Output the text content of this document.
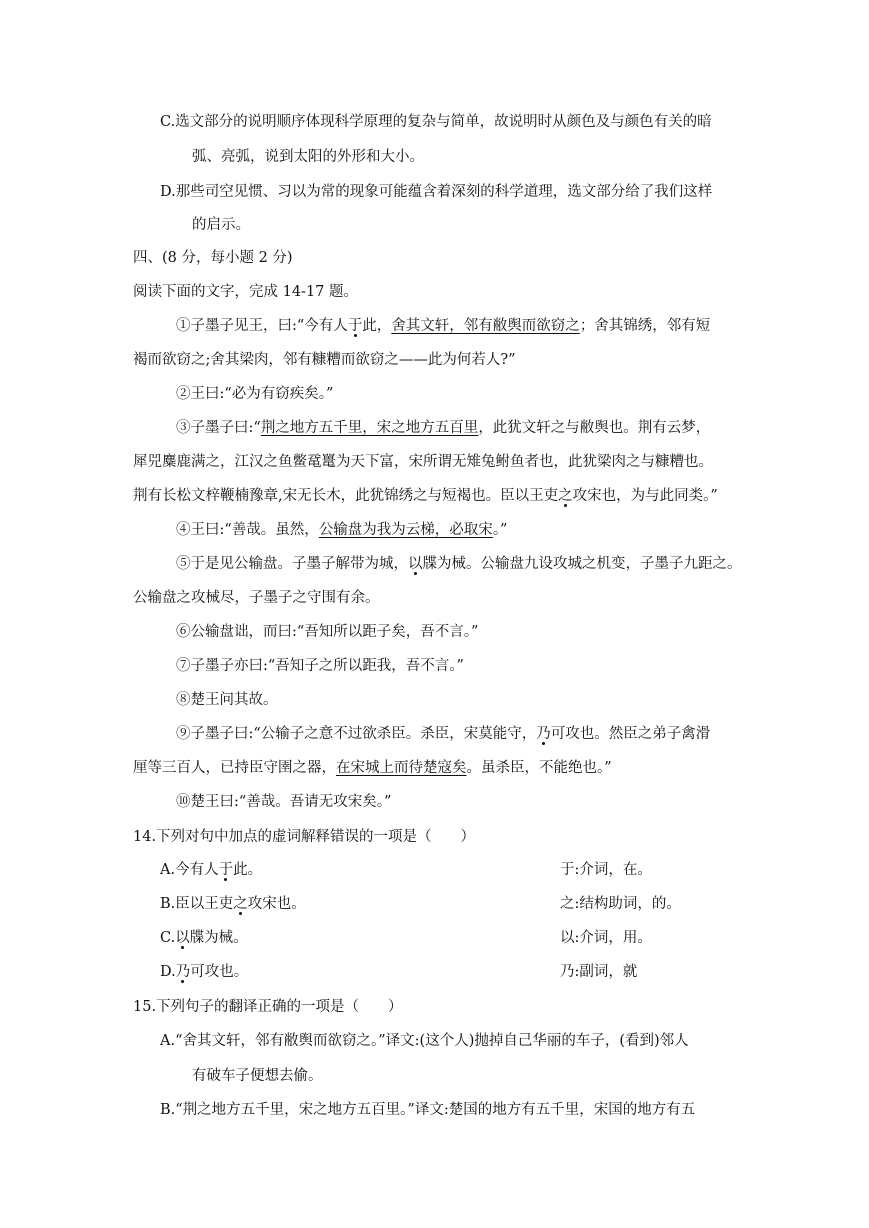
C.选文部分的说明顺序体现科学原理的复杂与简单，故说明时从颜色及与颜色有关的暗
弧、亮弧，说到太阳的外形和大小。
D.那些司空见惯、习以为常的现象可能蕴含着深刻的科学道理，选文部分给了我们这样
的启示。
四、(8 分，每小题 2 分)
阅读下面的文字，完成 14-17 题。
①子墨子见王，曰:“今有人于此，舍其文轩，邻有敝舆而欲窃之；舍其锦绣，邻有短
褐而欲窃之;舍其梁肉，邻有糠糟而欲窃之——此为何若人?”
②王曰:“必为有窃疾矣。”
③子墨子曰:“荆之地方五千里，宋之地方五百里，此犹文轩之与敝舆也。荆有云梦，
犀兕麋鹿满之，江汉之鱼鳖鼋鼍为天下富，宋所谓无雉兔鲋鱼者也，此犹梁肉之与糠糟也。
荆有长松文梓鞭楠豫章,宋无长木，此犹锦绣之与短褐也。臣以王吏之攻宋也，为与此同类。”
④王曰:“善哉。虽然，公输盘为我为云梯，必取宋。”
⑤于是见公输盘。子墨子解带为城，以牒为械。公输盘九设攻城之机变，子墨子九距之。
公输盘之攻械尽，子墨子之守围有余。
⑥公输盘诎，而曰:“吾知所以距子矣，吾不言。”
⑦子墨子亦曰:“吾知子之所以距我，吾不言。”
⑧楚王问其故。
⑨子墨子曰:“公输子之意不过欲杀臣。杀臣，宋莫能守，乃可攻也。然臣之弟子禽滑
厘等三百人，已持臣守圉之器，在宋城上而待楚寇矣。虽杀臣，不能绝也。”
⑩楚王曰:“善哉。吾请无攻宋矣。”
14.下列对句中加点的虚词解释错误的一项是（　　）
A.今有人于此。	于:介词，在。
B.臣以王吏之攻宋也。	之:结构助词，的。
C.以牒为械。	以:介词，用。
D.乃可攻也。	乃:副词，就
15.下列句子的翻译正确的一项是（　　）
A.“舍其文轩，邻有敝舆而欲窃之。”译文:(这个人)抛掉自己华丽的车子，(看到)邻人
有破车子便想去偷。
B.“荆之地方五千里，宋之地方五百里。”译文:楚国的地方有五千里，宋国的地方有五
